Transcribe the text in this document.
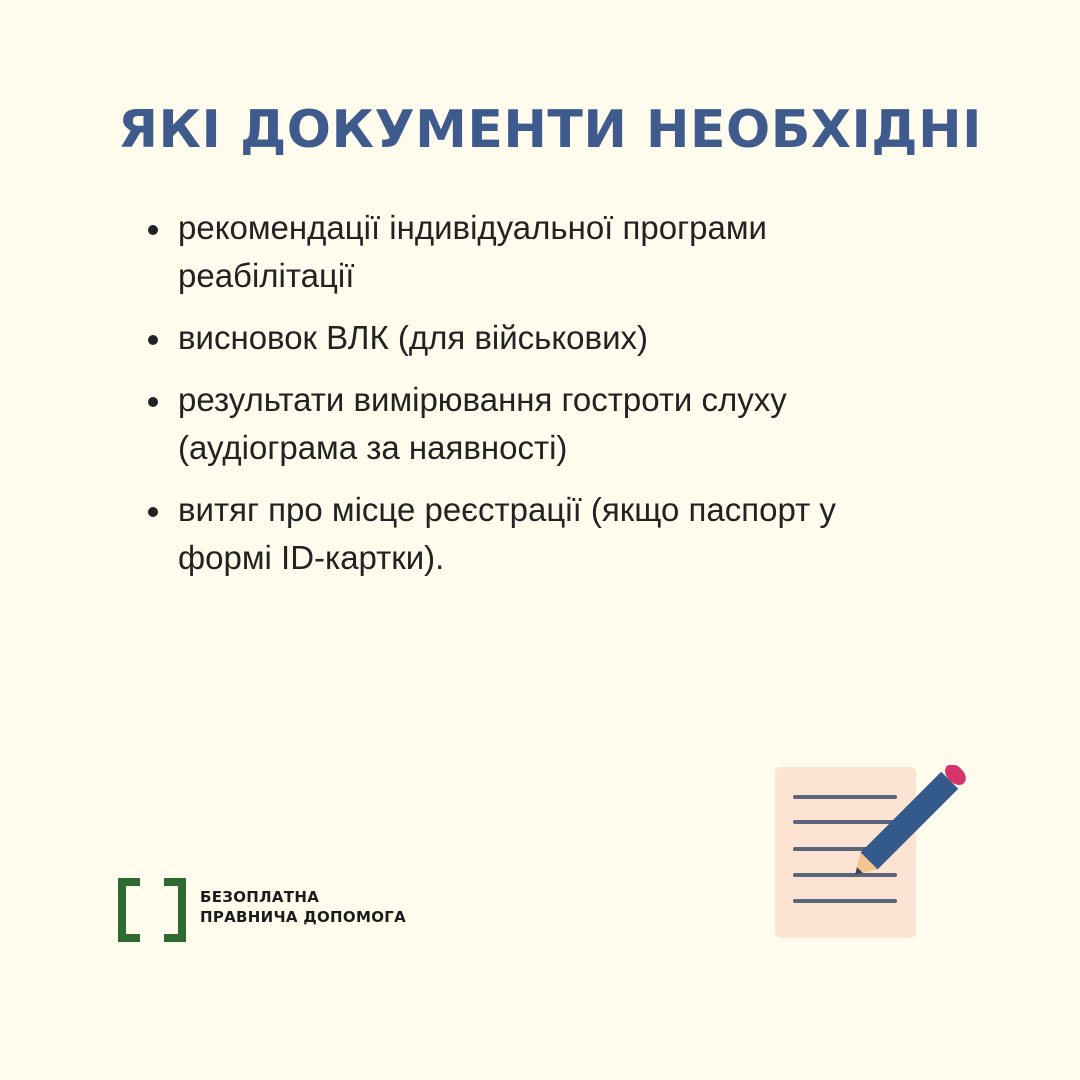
ЯКІ ДОКУМЕНТИ НЕОБХІДНІ
рекомендації індивідуальної програми реабілітації
висновок ВЛК (для військових)
результати вимірювання гостроти слуху (аудіограма за наявності)
витяг про місце реєстрації (якщо паспорт у формі ID-картки).
БЕЗОПЛАТНА
ПРАВНИЧА ДОПОМОГА
